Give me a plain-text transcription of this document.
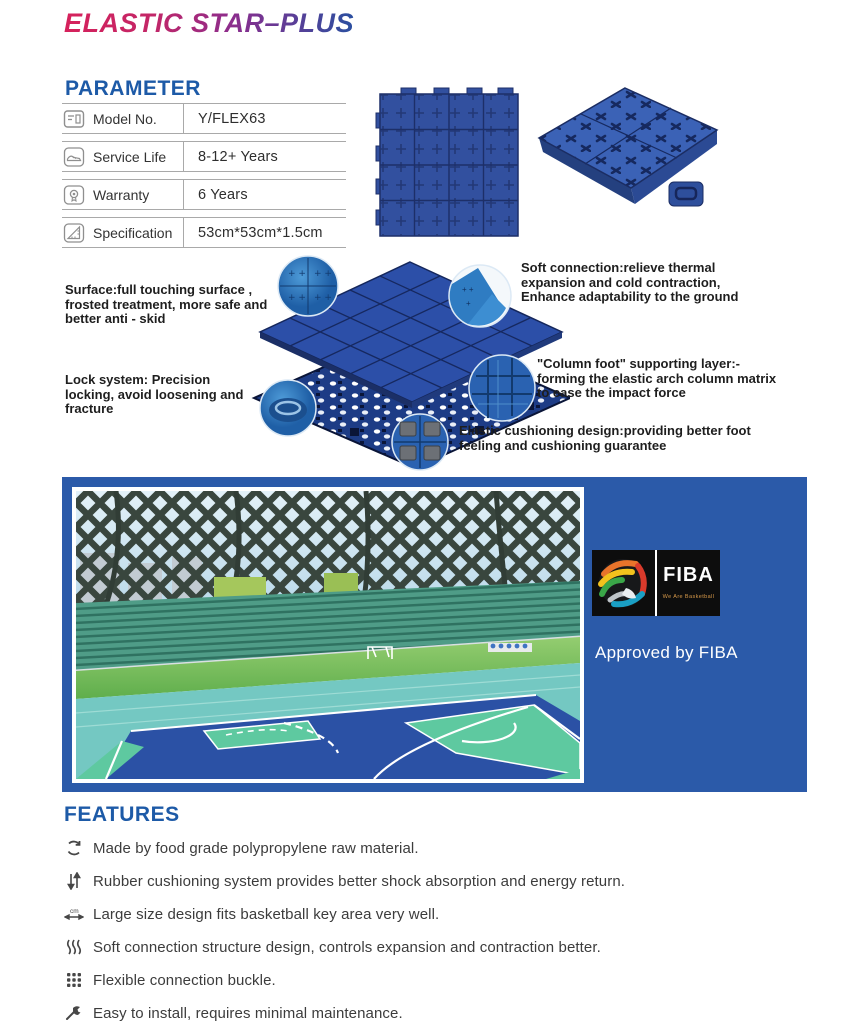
ELASTIC STAR–PLUS
PARAMETER
Model No.	Y/FLEX63
Service Life	8-12+ Years
Warranty	6 Years
Specification	53cm*53cm*1.5cm
+ + + +
+ + + +
+ +
+
Surface:full touching surface , frosted treatment, more safe and better anti - skid
Lock system: Precision locking, avoid loosening and fracture
Soft connection:relieve thermal expansion and cold contraction, Enhance adaptability to the ground
"Column foot" supporting layer:- forming the elastic arch column matrix to ease the impact force
Elastic cushioning design:providing better foot feeling and cushioning guarantee
FIBA
We Are Basketball
Approved by FIBA
FEATURES
Made by food grade polypropylene raw material.
Rubber cushioning system provides better shock absorption and energy return.
cm Large size design fits basketball key area very well.
Soft connection structure design, controls expansion and contraction better.
Flexible connection buckle.
Easy to install, requires minimal maintenance.
